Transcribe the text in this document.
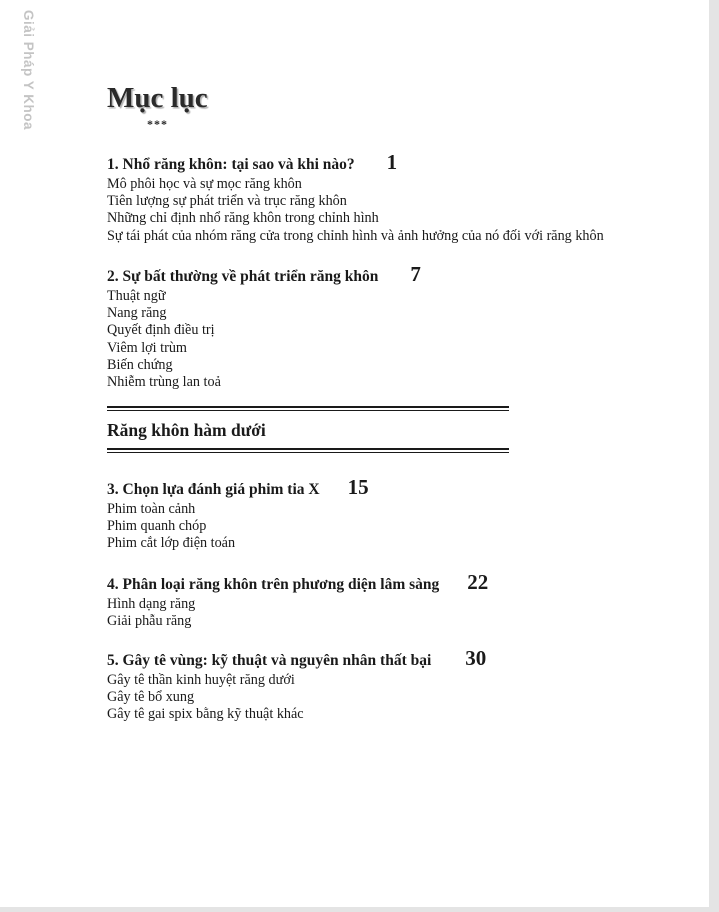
Giải Pháp Y Khoa Mục lục
***
1. Nhổ răng khôn: tại sao và khi nào? 1
Mô phôi học và sự mọc răng khôn
Tiên lượng sự phát triển và trục răng khôn
Những chỉ định nhổ răng khôn trong chỉnh hình
Sự tái phát của nhóm răng cửa trong chỉnh hình và ảnh hưởng của nó đối với răng khôn
2. Sự bất thường về phát triển răng khôn 7
Thuật ngữ
Nang răng
Quyết định điều trị
Viêm lợi trùm
Biến chứng
Nhiễm trùng lan toả
Răng khôn hàm dưới
3. Chọn lựa đánh giá phim tia X 15
Phim toàn cảnh
Phim quanh chóp
Phim cắt lớp điện toán
4. Phân loại răng khôn trên phương diện lâm sàng 22
Hình dạng răng
Giải phẫu răng
5. Gây tê vùng: kỹ thuật và nguyên nhân thất bại 30
Gây tê thần kinh huyệt răng dưới
Gây tê bổ xung
Gây tê gai spix bằng kỹ thuật khác
